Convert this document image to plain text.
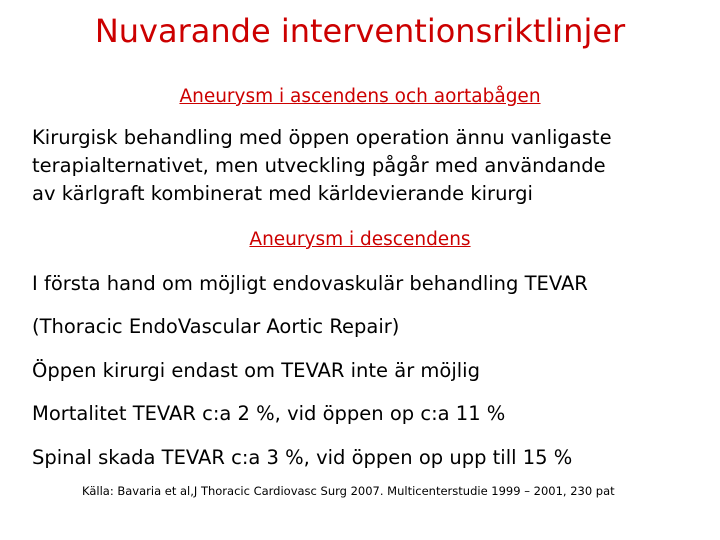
Nuvarande interventionsriktlinjer
Aneurysm i ascendens och aortabågen
Kirurgisk behandling med öppen operation ännu vanligaste
terapialternativet, men utveckling pågår med användande
av kärlgraft kombinerat med kärldevierande kirurgi
Aneurysm i descendens
I första hand om möjligt endovaskulär behandling TEVAR
(Thoracic EndoVascular Aortic Repair)
Öppen kirurgi endast om TEVAR inte är möjlig
Mortalitet TEVAR c:a 2 %, vid öppen op c:a 11 %
Spinal skada TEVAR c:a 3 %, vid öppen op upp till 15 %
Källa: Bavaria et al,J Thoracic Cardiovasc Surg 2007. Multicenterstudie 1999 – 2001, 230 pat
